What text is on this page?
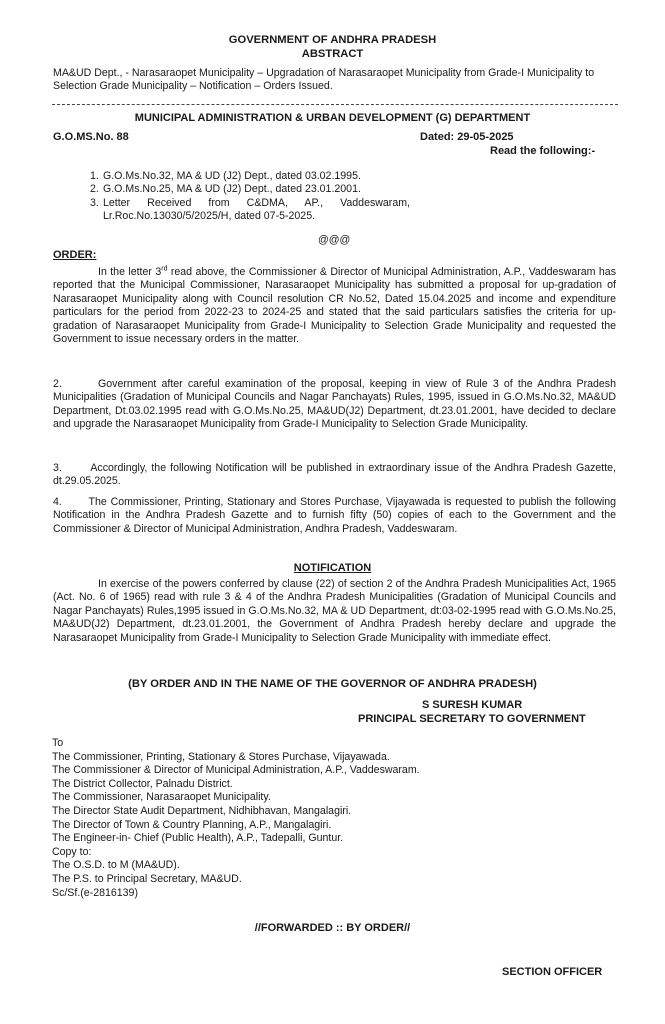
GOVERNMENT OF ANDHRA PRADESH
ABSTRACT

MA&UD Dept., - Narasaraopet Municipality – Upgradation of Narasaraopet Municipality from Grade-I Municipality to Selection Grade Municipality – Notification – Orders Issued.

MUNICIPAL ADMINISTRATION & URBAN DEVELOPMENT (G) DEPARTMENT
G.O.MS.No. 88	Dated: 29-05-2025
Read the following:-
1. G.O.Ms.No.32, MA & UD (J2) Dept., dated 03.02.1995.
2. G.O.Ms.No.25, MA & UD (J2) Dept., dated 23.01.2001.
3. Letter Received from C&DMA, AP., Vaddeswaram, Lr.Roc.No.13030/5/2025/H, dated 07-5-2025.
@@@
ORDER:

In the letter 3rd read above, the Commissioner & Director of Municipal Administration, A.P., Vaddeswaram has reported that the Municipal Commissioner, Narasaraopet Municipality has submitted a proposal for up-gradation of Narasaraopet Municipality along with Council resolution CR No.52, Dated 15.04.2025 and income and expenditure particulars for the period from 2022-23 to 2024-25 and stated that the said particulars satisfies the criteria for up-gradation of Narasaraopet Municipality from Grade-I Municipality to Selection Grade Municipality and requested the Government to issue necessary orders in the matter.

2.       Government after careful examination of the proposal, keeping in view of Rule 3 of the Andhra Pradesh Municipalities (Gradation of Municipal Councils and Nagar Panchayats) Rules, 1995, issued in G.O.Ms.No.32, MA&UD Department, Dt.03.02.1995 read with G.O.Ms.No.25, MA&UD(J2) Department, dt.23.01.2001, have decided to declare and upgrade the Narasaraopet Municipality from Grade-I Municipality to Selection Grade Municipality.

3.       Accordingly, the following Notification will be published in extraordinary issue of the Andhra Pradesh Gazette, dt.29.05.2025.

4.       The Commissioner, Printing, Stationary and Stores Purchase, Vijayawada is requested to publish the following Notification in the Andhra Pradesh Gazette and to furnish fifty (50) copies of each to the Government and the Commissioner & Director of Municipal Administration, Andhra Pradesh, Vaddeswaram.

NOTIFICATION

In exercise of the powers conferred by clause (22) of section 2 of the Andhra Pradesh Municipalities Act, 1965 (Act. No. 6 of 1965) read with rule 3 & 4 of the Andhra Pradesh Municipalities (Gradation of Municipal Councils and Nagar Panchayats) Rules,1995 issued in G.O.Ms.No.32, MA & UD Department, dt:03-02-1995 read with G.O.Ms.No.25, MA&UD(J2) Department, dt.23.01.2001, the Government of Andhra Pradesh hereby declare and upgrade the Narasaraopet Municipality from Grade-I Municipality to Selection Grade Municipality with immediate effect.

(BY ORDER AND IN THE NAME OF THE GOVERNOR OF ANDHRA PRADESH)
S SURESH KUMAR
PRINCIPAL SECRETARY TO GOVERNMENT
To
The Commissioner, Printing, Stationary & Stores Purchase, Vijayawada.
The Commissioner & Director of Municipal Administration, A.P., Vaddeswaram.
The District Collector, Palnadu District.
The Commissioner, Narasaraopet Municipality.
The Director State Audit Department, Nidhibhavan, Mangalagiri.
The Director of Town & Country Planning, A.P., Mangalagiri.
The Engineer-in- Chief (Public Health), A.P., Tadepalli, Guntur.
Copy to:
The O.S.D. to M (MA&UD).
The P.S. to Principal Secretary, MA&UD.
Sc/Sf.(e-2816139)
//FORWARDED :: BY ORDER//
SECTION OFFICER
